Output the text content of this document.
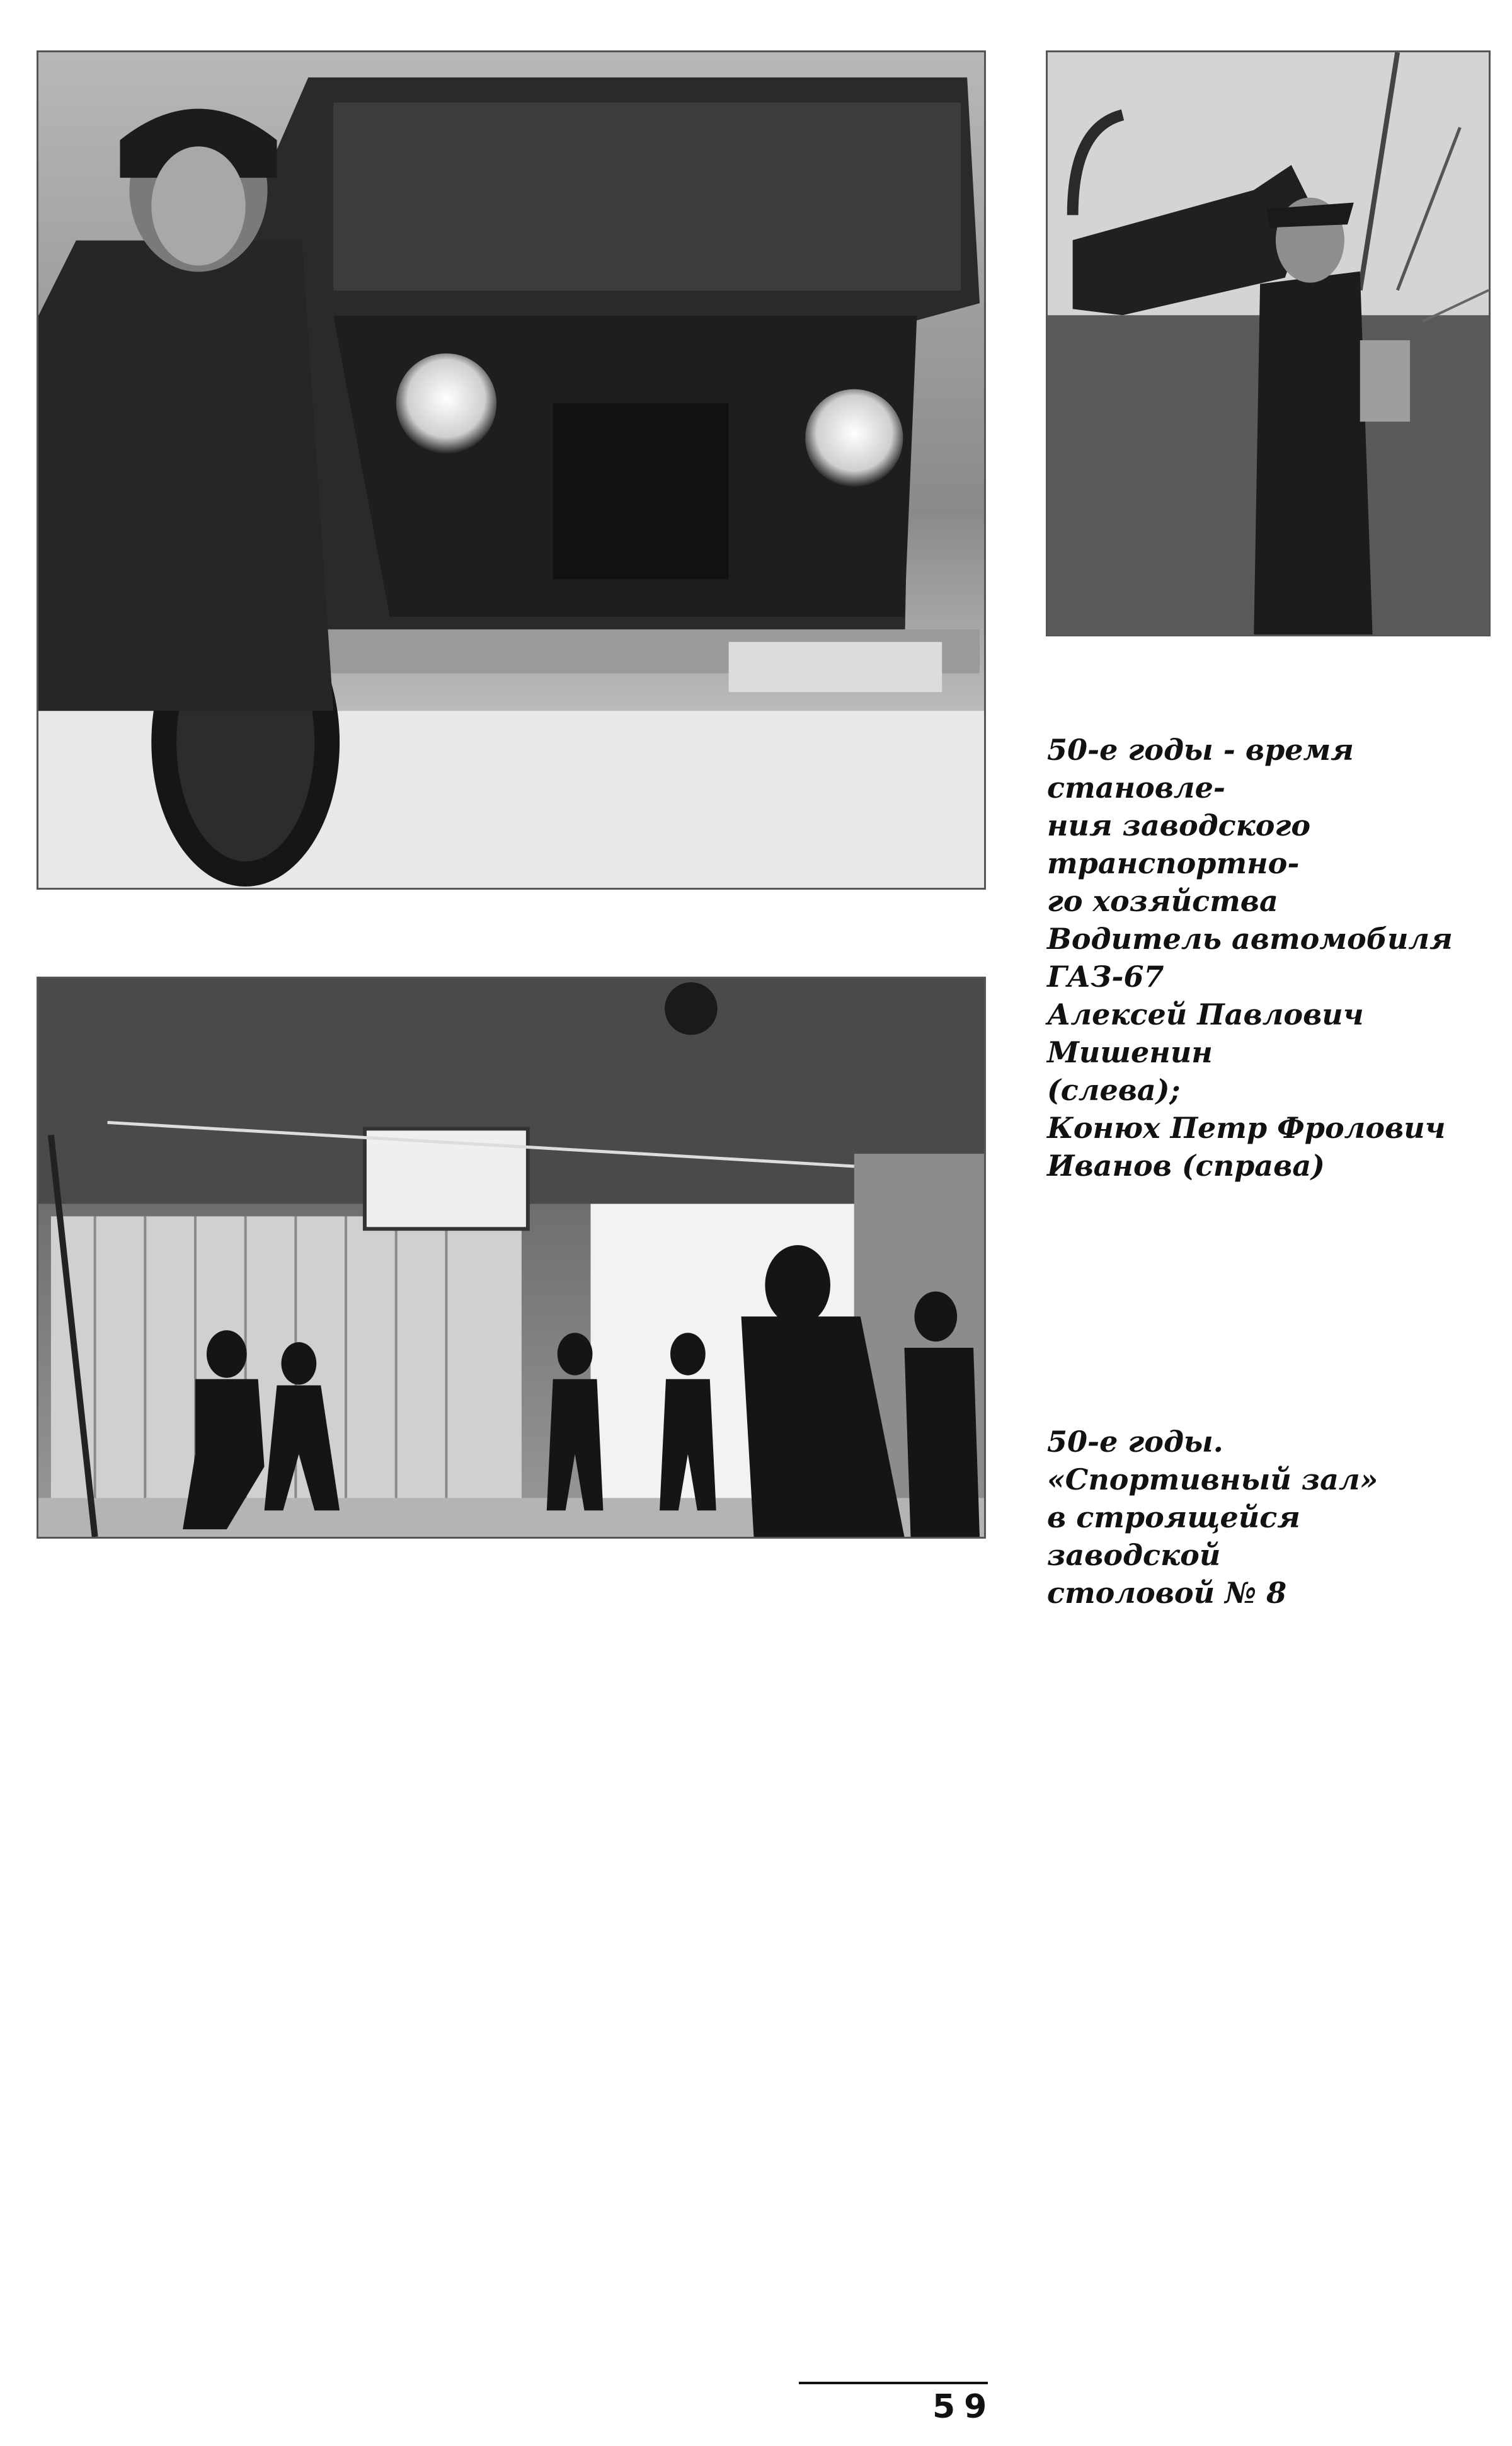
50-е годы - время становле-
ния заводского транспортно-
го хозяйства

Водитель автомобиля ГАЗ-67
Алексей Павлович Мишенин
(слева);

Конюх Петр Фролович
Иванов (справа)

50-е годы. «Спортивный зал»
в строящейся заводской
столовой № 8
59
